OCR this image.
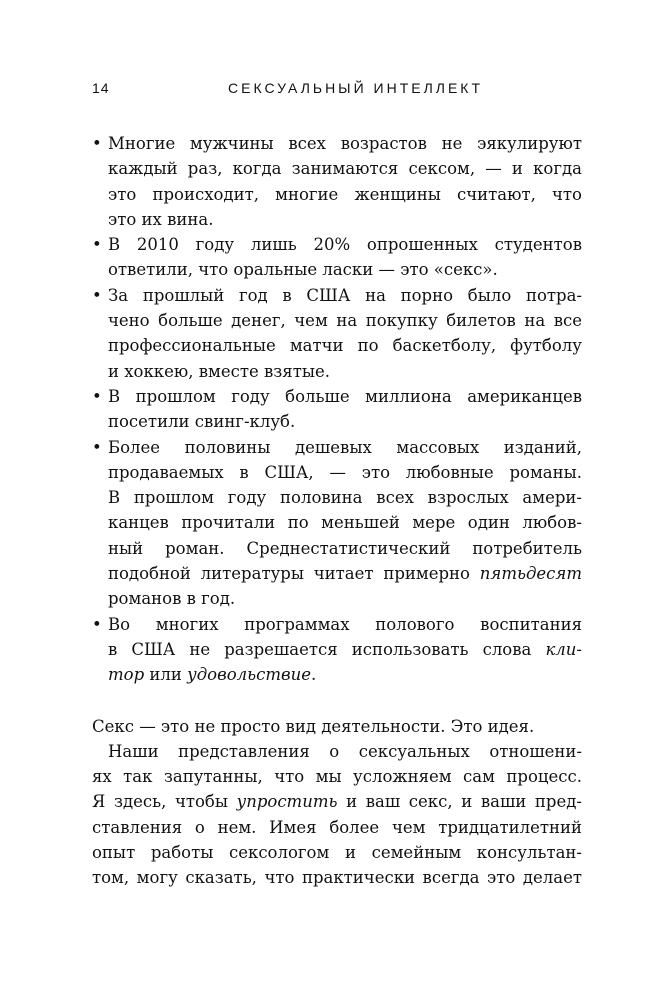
14	СЕКСУАЛЬНЫЙ ИНТЕЛЛЕКТ
• Многие мужчины всех возрастов не эякулируют
каждый раз, когда занимаются сексом, — и когда
это происходит, многие женщины считают, что
это их вина.
• В 2010 году лишь 20% опрошенных студентов
ответили, что оральные ласки — это «секс».
• За прошлый год в США на порно было потра-
чено больше денег, чем на покупку билетов на все
профессиональные матчи по баскетболу, футболу
и хоккею, вместе взятые.
• В прошлом году больше миллиона американцев
посетили свинг-клуб.
• Более половины дешевых массовых изданий,
продаваемых в США, — это любовные романы.
В прошлом году половина всех взрослых амери-
канцев прочитали по меньшей мере один любов-
ный роман. Среднестатистический потребитель
подобной литературы читает примерно пятьдесят
романов в год.
• Во многих программах полового воспитания
в США не разрешается использовать слова кли-
тор или удовольствие.
Секс — это не просто вид деятельности. Это идея.
Наши представления о сексуальных отношени-
ях так запутанны, что мы усложняем сам процесс.
Я здесь, чтобы упростить и ваш секс, и ваши пред-
ставления о нем. Имея более чем тридцатилетний
опыт работы сексологом и семейным консультан-
том, могу сказать, что практически всегда это делает
